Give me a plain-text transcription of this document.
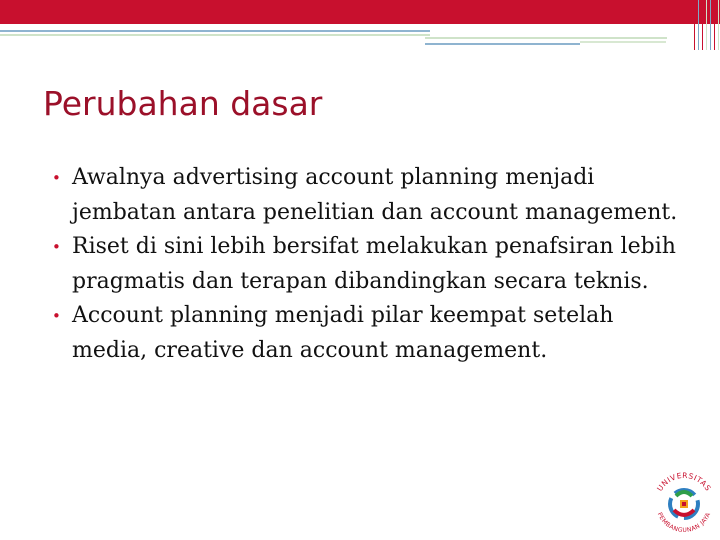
Perubahan dasar
• Awalnya advertising account planning menjadi jembatan antara penelitian dan account management.
• Riset di sini lebih bersifat melakukan penafsiran lebih pragmatis dan terapan dibandingkan secara teknis.
• Account planning menjadi pilar keempat setelah media, creative dan account management.
UNIVERSITAS
PEMBANGUNAN JAYA
